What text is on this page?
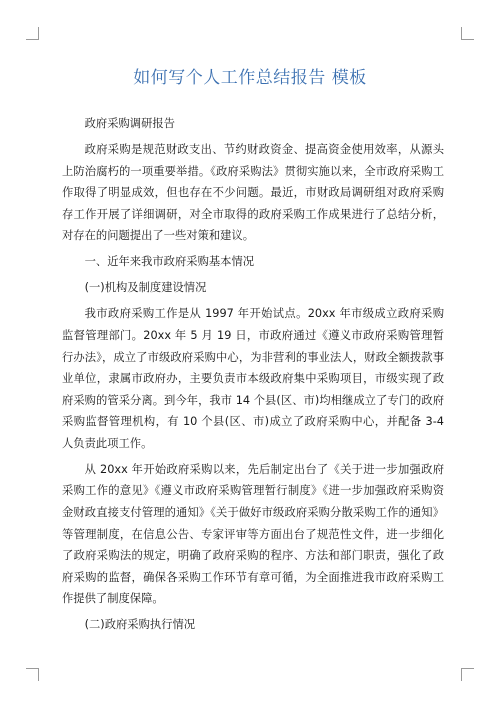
如何写个人工作总结报告 模板

政府采购调研报告

政府采购是规范财政支出、节约财政资金、提高资金使用效率，从源头上防治腐朽的一项重要举措。《政府采购法》贯彻实施以来，全市政府采购工作取得了明显成效，但也存在不少问题。最近，市财政局调研组对政府采购存工作开展了详细调研，对全市取得的政府采购工作成果进行了总结分析，对存在的问题提出了一些对策和建议。

一、近年来我市政府采购基本情况

(一)机构及制度建设情况

我市政府采购工作是从 1997 年开始试点。20xx 年市级成立政府采购监督管理部门。20xx 年 5 月 19 日，市政府通过《遵义市政府采购管理暂行办法》，成立了市级政府采购中心，为非营利的事业法人，财政全额拨款事业单位，隶属市政府办，主要负责市本级政府集中采购项目，市级实现了政府采购的管采分离。到今年，我市 14 个县(区、市)均相继成立了专门的政府采购监督管理机构，有 10 个县(区、市)成立了政府采购中心，并配备 3-4 人负责此项工作。

从 20xx 年开始政府采购以来，先后制定出台了《关于进一步加强政府采购工作的意见》《遵义市政府采购管理暂行制度》《进一步加强政府采购资金财政直接支付管理的通知》《关于做好市级政府采购分散采购工作的通知》等管理制度，在信息公告、专家评审等方面出台了规范性文件，进一步细化了政府采购法的规定，明确了政府采购的程序、方法和部门职责，强化了政府采购的监督，确保各采购工作环节有章可循，为全面推进我市政府采购工作提供了制度保障。

(二)政府采购执行情况
